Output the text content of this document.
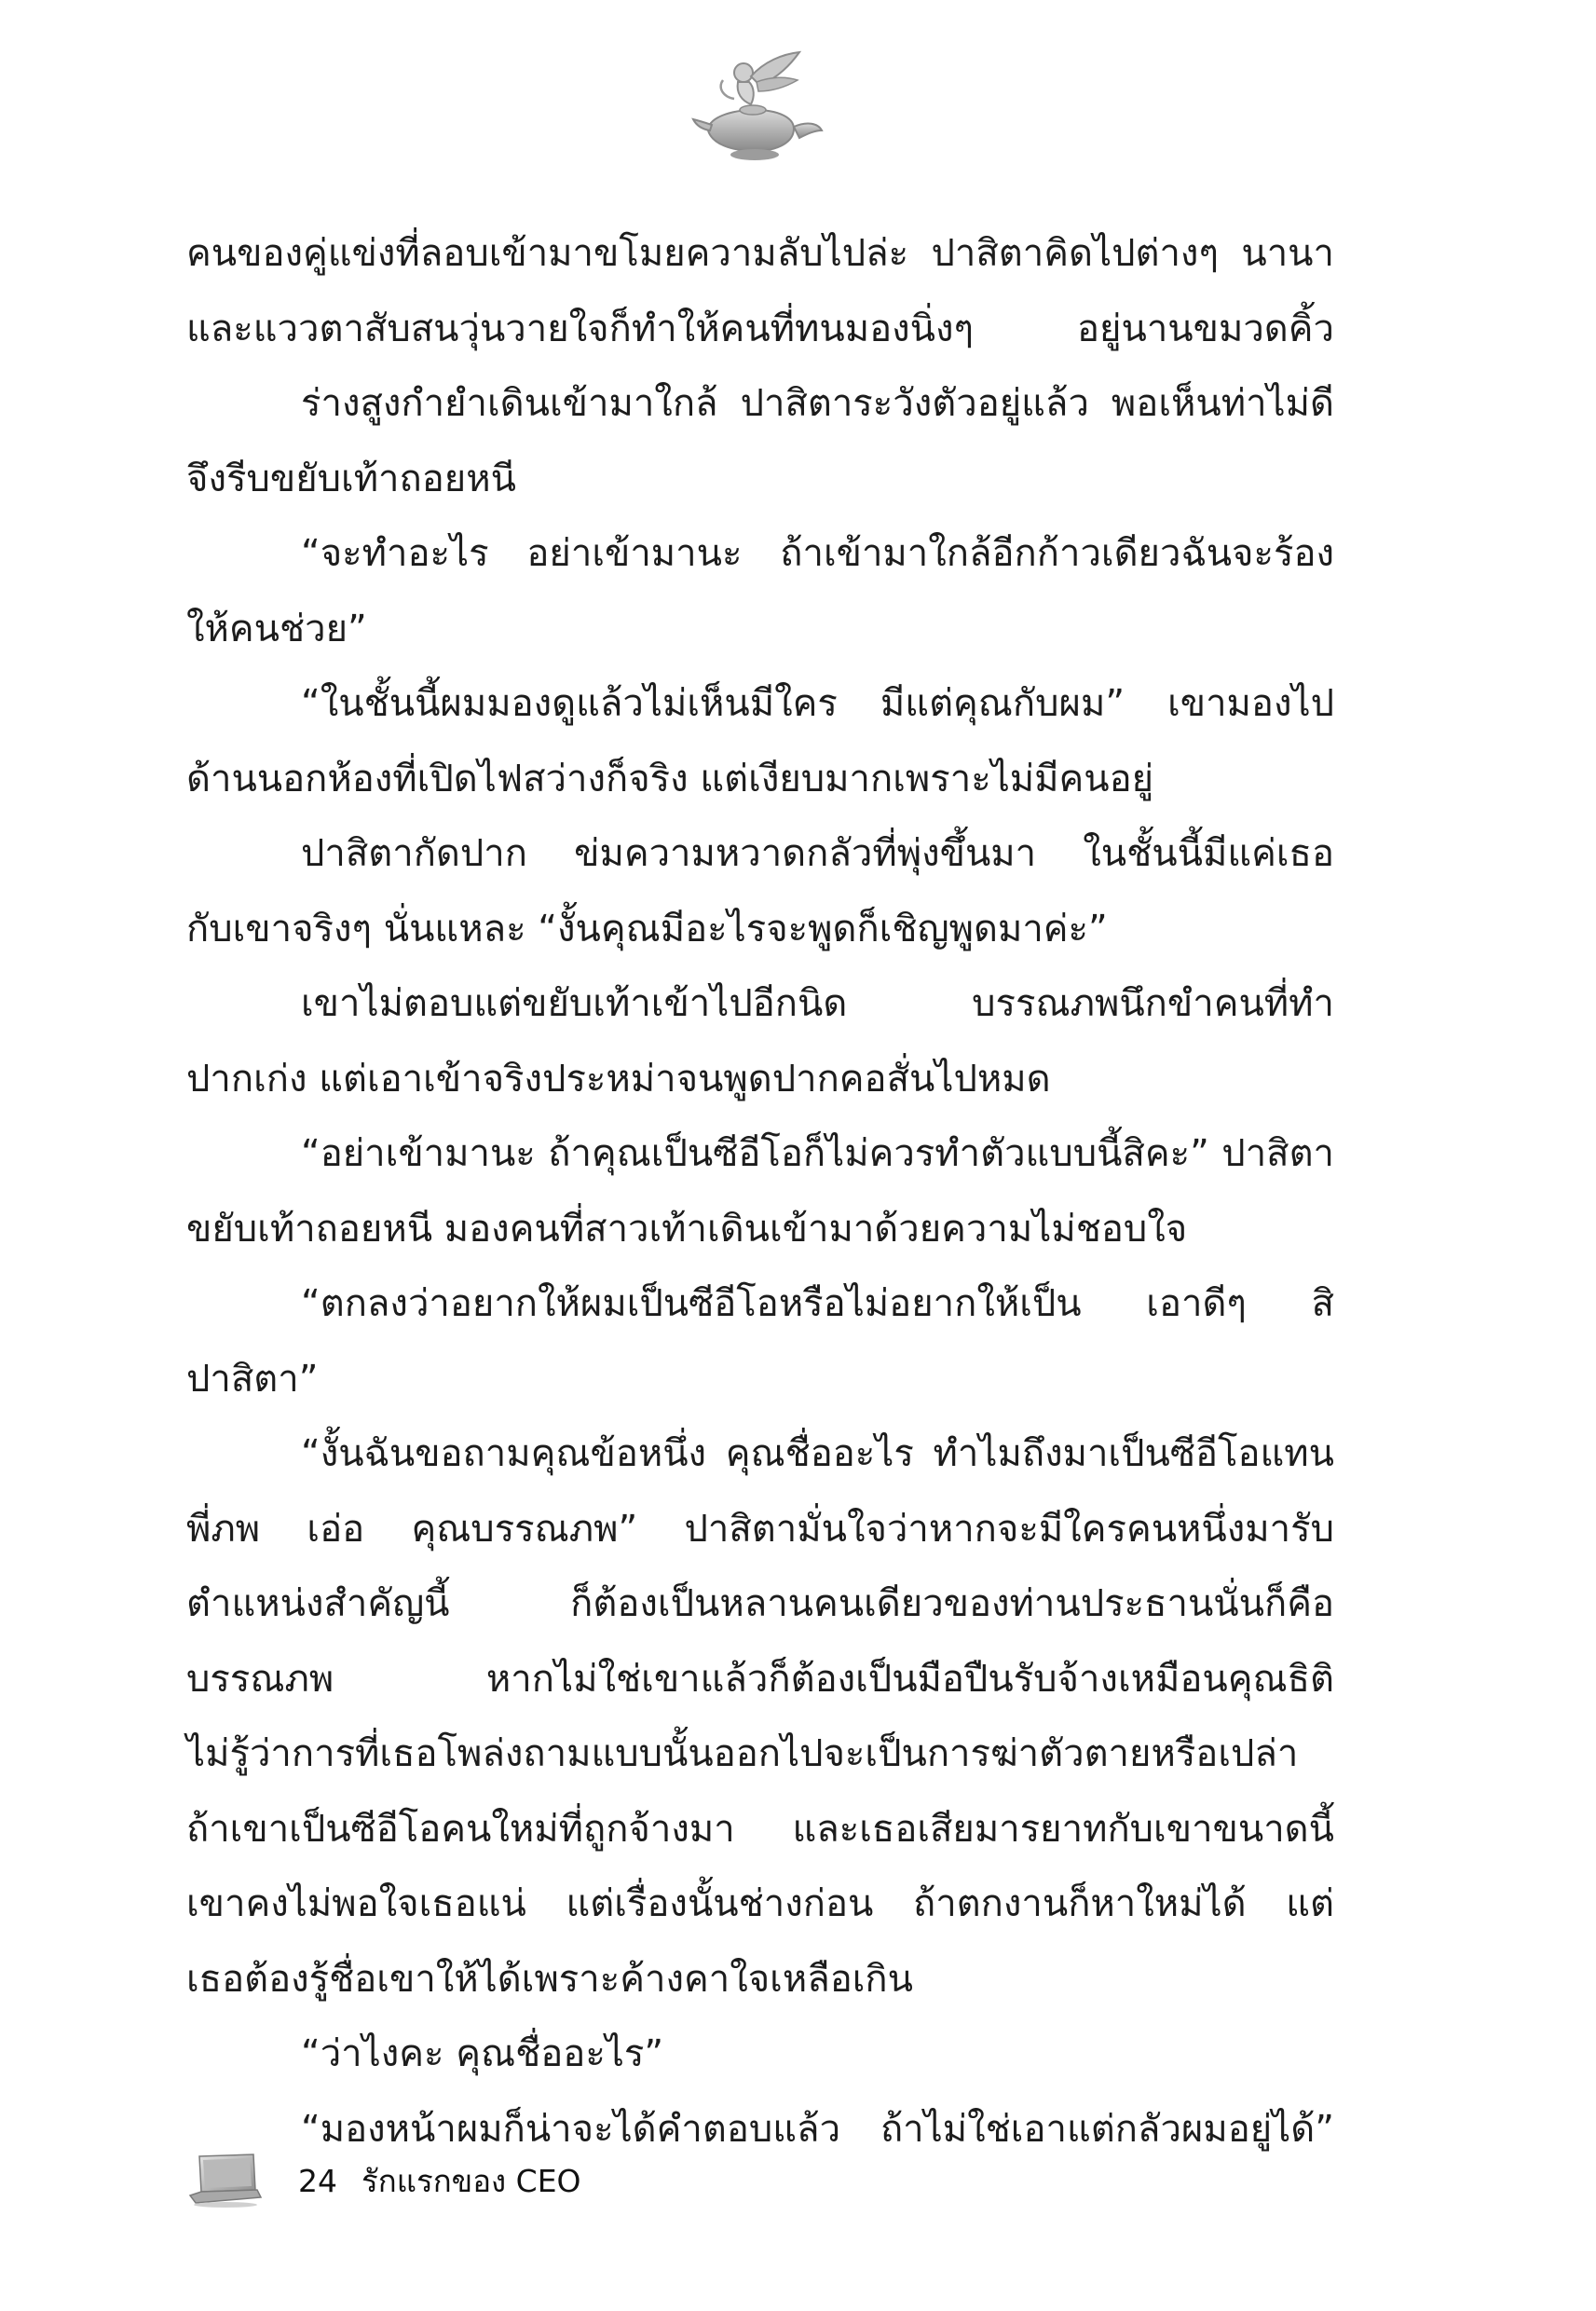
คนของคู่แข่งที่ลอบเข้ามาขโมยความลับไปล่ะ ปาสิตาคิดไปต่างๆ นานา
และแววตาสับสนวุ่นวายใจก็ทำให้คนที่ทนมองนิ่งๆ อยู่นานขมวดคิ้ว
ร่างสูงกำยำเดินเข้ามาใกล้ ปาสิตาระวังตัวอยู่แล้ว พอเห็นท่าไม่ดี
จึงรีบขยับเท้าถอยหนี
“จะทำอะไร อย่าเข้ามานะ ถ้าเข้ามาใกล้อีกก้าวเดียวฉันจะร้อง
ให้คนช่วย”
“ในชั้นนี้ผมมองดูแล้วไม่เห็นมีใคร มีแต่คุณกับผม” เขามองไป
ด้านนอกห้องที่เปิดไฟสว่างก็จริง แต่เงียบมากเพราะไม่มีคนอยู่
ปาสิตากัดปาก ข่มความหวาดกลัวที่พุ่งขึ้นมา ในชั้นนี้มีแค่เธอ
กับเขาจริงๆ นั่นแหละ “งั้นคุณมีอะไรจะพูดก็เชิญพูดมาค่ะ”
เขาไม่ตอบแต่ขยับเท้าเข้าไปอีกนิด บรรณภพนึกขำคนที่ทำ
ปากเก่ง แต่เอาเข้าจริงประหม่าจนพูดปากคอสั่นไปหมด
“อย่าเข้ามานะ ถ้าคุณเป็นซีอีโอก็ไม่ควรทำตัวแบบนี้สิคะ” ปาสิตา
ขยับเท้าถอยหนี มองคนที่สาวเท้าเดินเข้ามาด้วยความไม่ชอบใจ
“ตกลงว่าอยากให้ผมเป็นซีอีโอหรือไม่อยากให้เป็น เอาดีๆ สิ
ปาสิตา”
“งั้นฉันขอถามคุณข้อหนึ่ง คุณชื่ออะไร ทำไมถึงมาเป็นซีอีโอแทน
พี่ภพ เอ่อ คุณบรรณภพ” ปาสิตามั่นใจว่าหากจะมีใครคนหนึ่งมารับ
ตำแหน่งสำคัญนี้ ก็ต้องเป็นหลานคนเดียวของท่านประธานนั่นก็คือ
บรรณภพ หากไม่ใช่เขาแล้วก็ต้องเป็นมือปืนรับจ้างเหมือนคุณธิติ
ไม่รู้ว่าการที่เธอโพล่งถามแบบนั้นออกไปจะเป็นการฆ่าตัวตายหรือเปล่า
ถ้าเขาเป็นซีอีโอคนใหม่ที่ถูกจ้างมา และเธอเสียมารยาทกับเขาขนาดนี้
เขาคงไม่พอใจเธอแน่ แต่เรื่องนั้นช่างก่อน ถ้าตกงานก็หาใหม่ได้ แต่
เธอต้องรู้ชื่อเขาให้ได้เพราะค้างคาใจเหลือเกิน
“ว่าไงคะ คุณชื่ออะไร”
“มองหน้าผมก็น่าจะได้คำตอบแล้ว ถ้าไม่ใช่เอาแต่กลัวผมอยู่ได้”
24 รักแรกของ CEO
